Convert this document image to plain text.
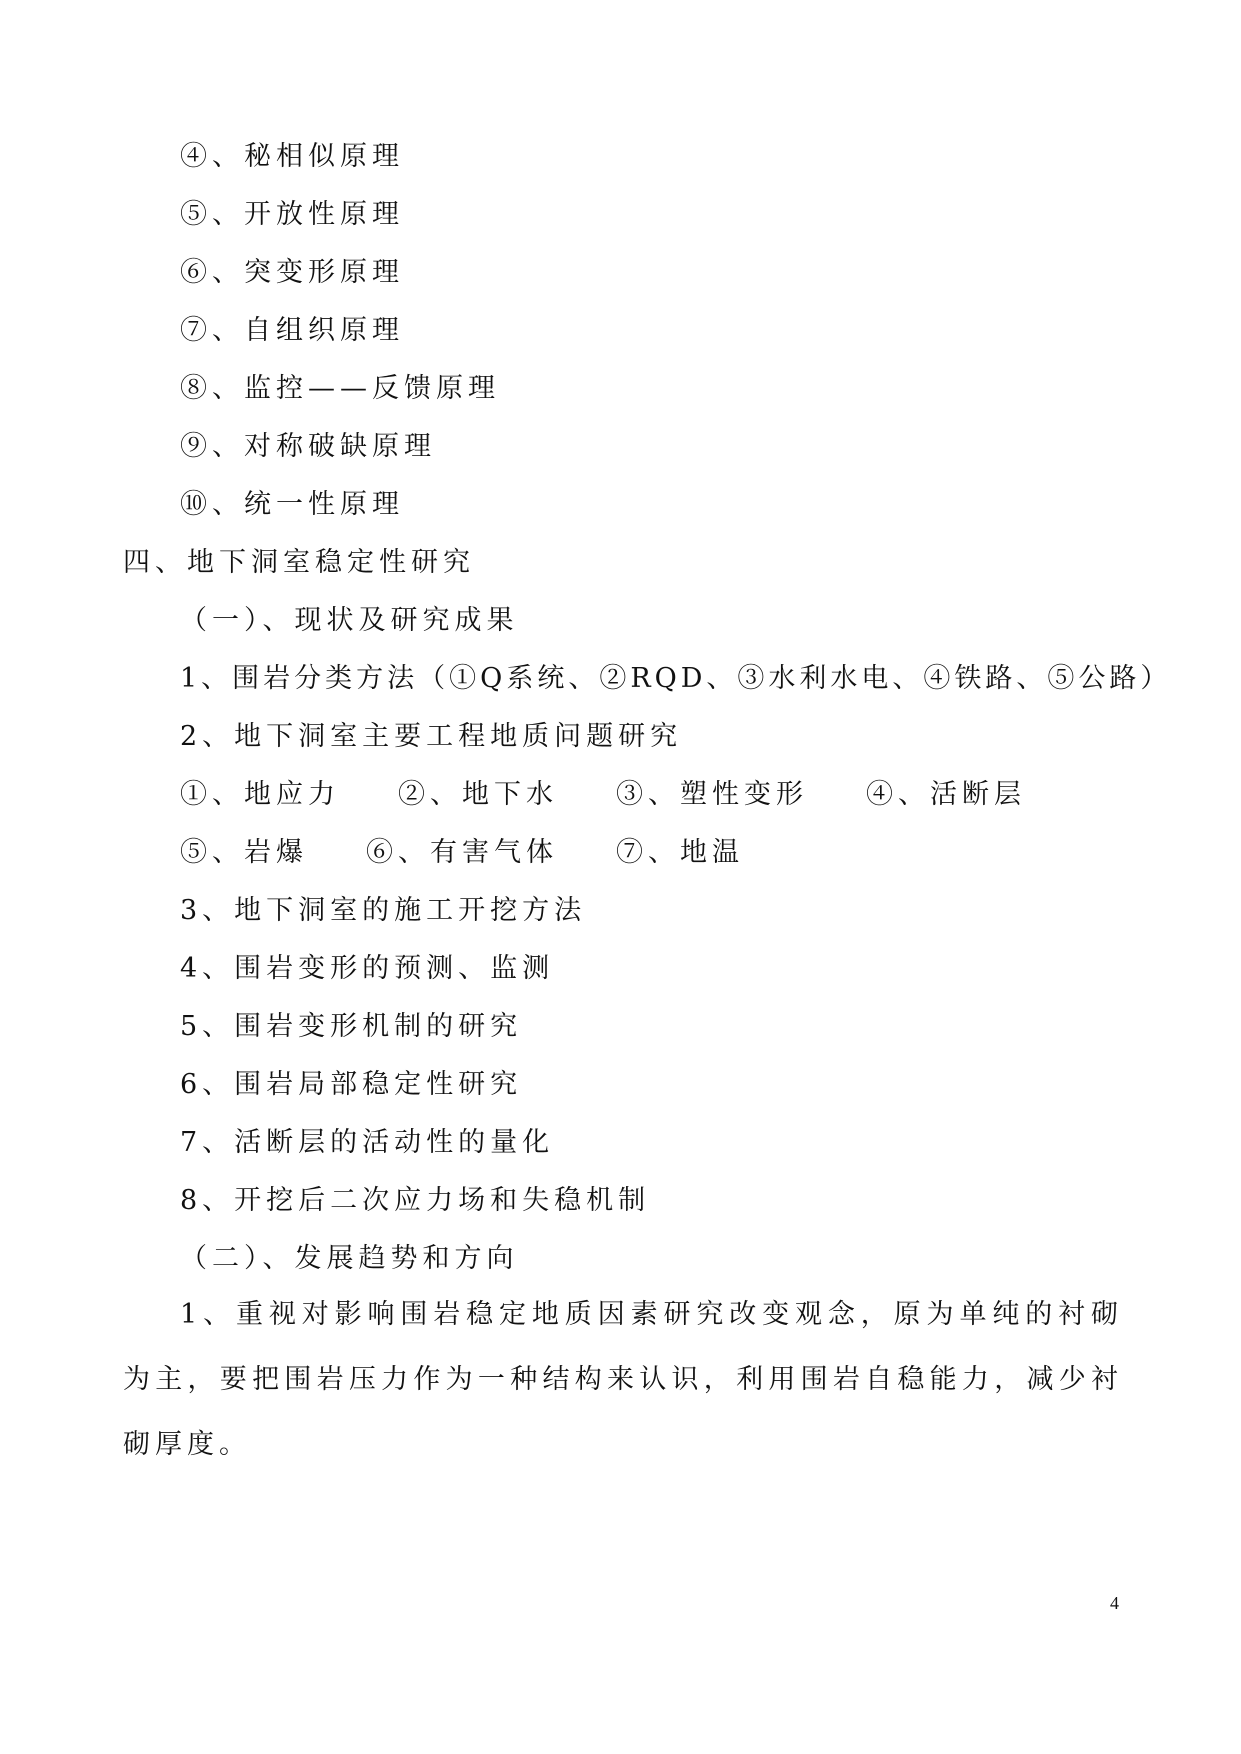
④、秘相似原理
⑤、开放性原理
⑥、突变形原理
⑦、自组织原理
⑧、监控——反馈原理
⑨、对称破缺原理
⑩、统一性原理
四、地下洞室稳定性研究
（一）、现状及研究成果
1、围岩分类方法（①Q系统、②RQD、③水利水电、④铁路、⑤公路）
2、地下洞室主要工程地质问题研究
①、地应力 ②、地下水 ③、塑性变形 ④、活断层
⑤、岩爆 ⑥、有害气体 ⑦、地温
3、地下洞室的施工开挖方法
4、围岩变形的预测、监测
5、围岩变形机制的研究
6、围岩局部稳定性研究
7、活断层的活动性的量化
8、开挖后二次应力场和失稳机制
（二）、发展趋势和方向
1、重视对影响围岩稳定地质因素研究改变观念，原为单纯的衬砌为主，要把围岩压力作为一种结构来认识，利用围岩自稳能力，减少衬砌厚度。
4
